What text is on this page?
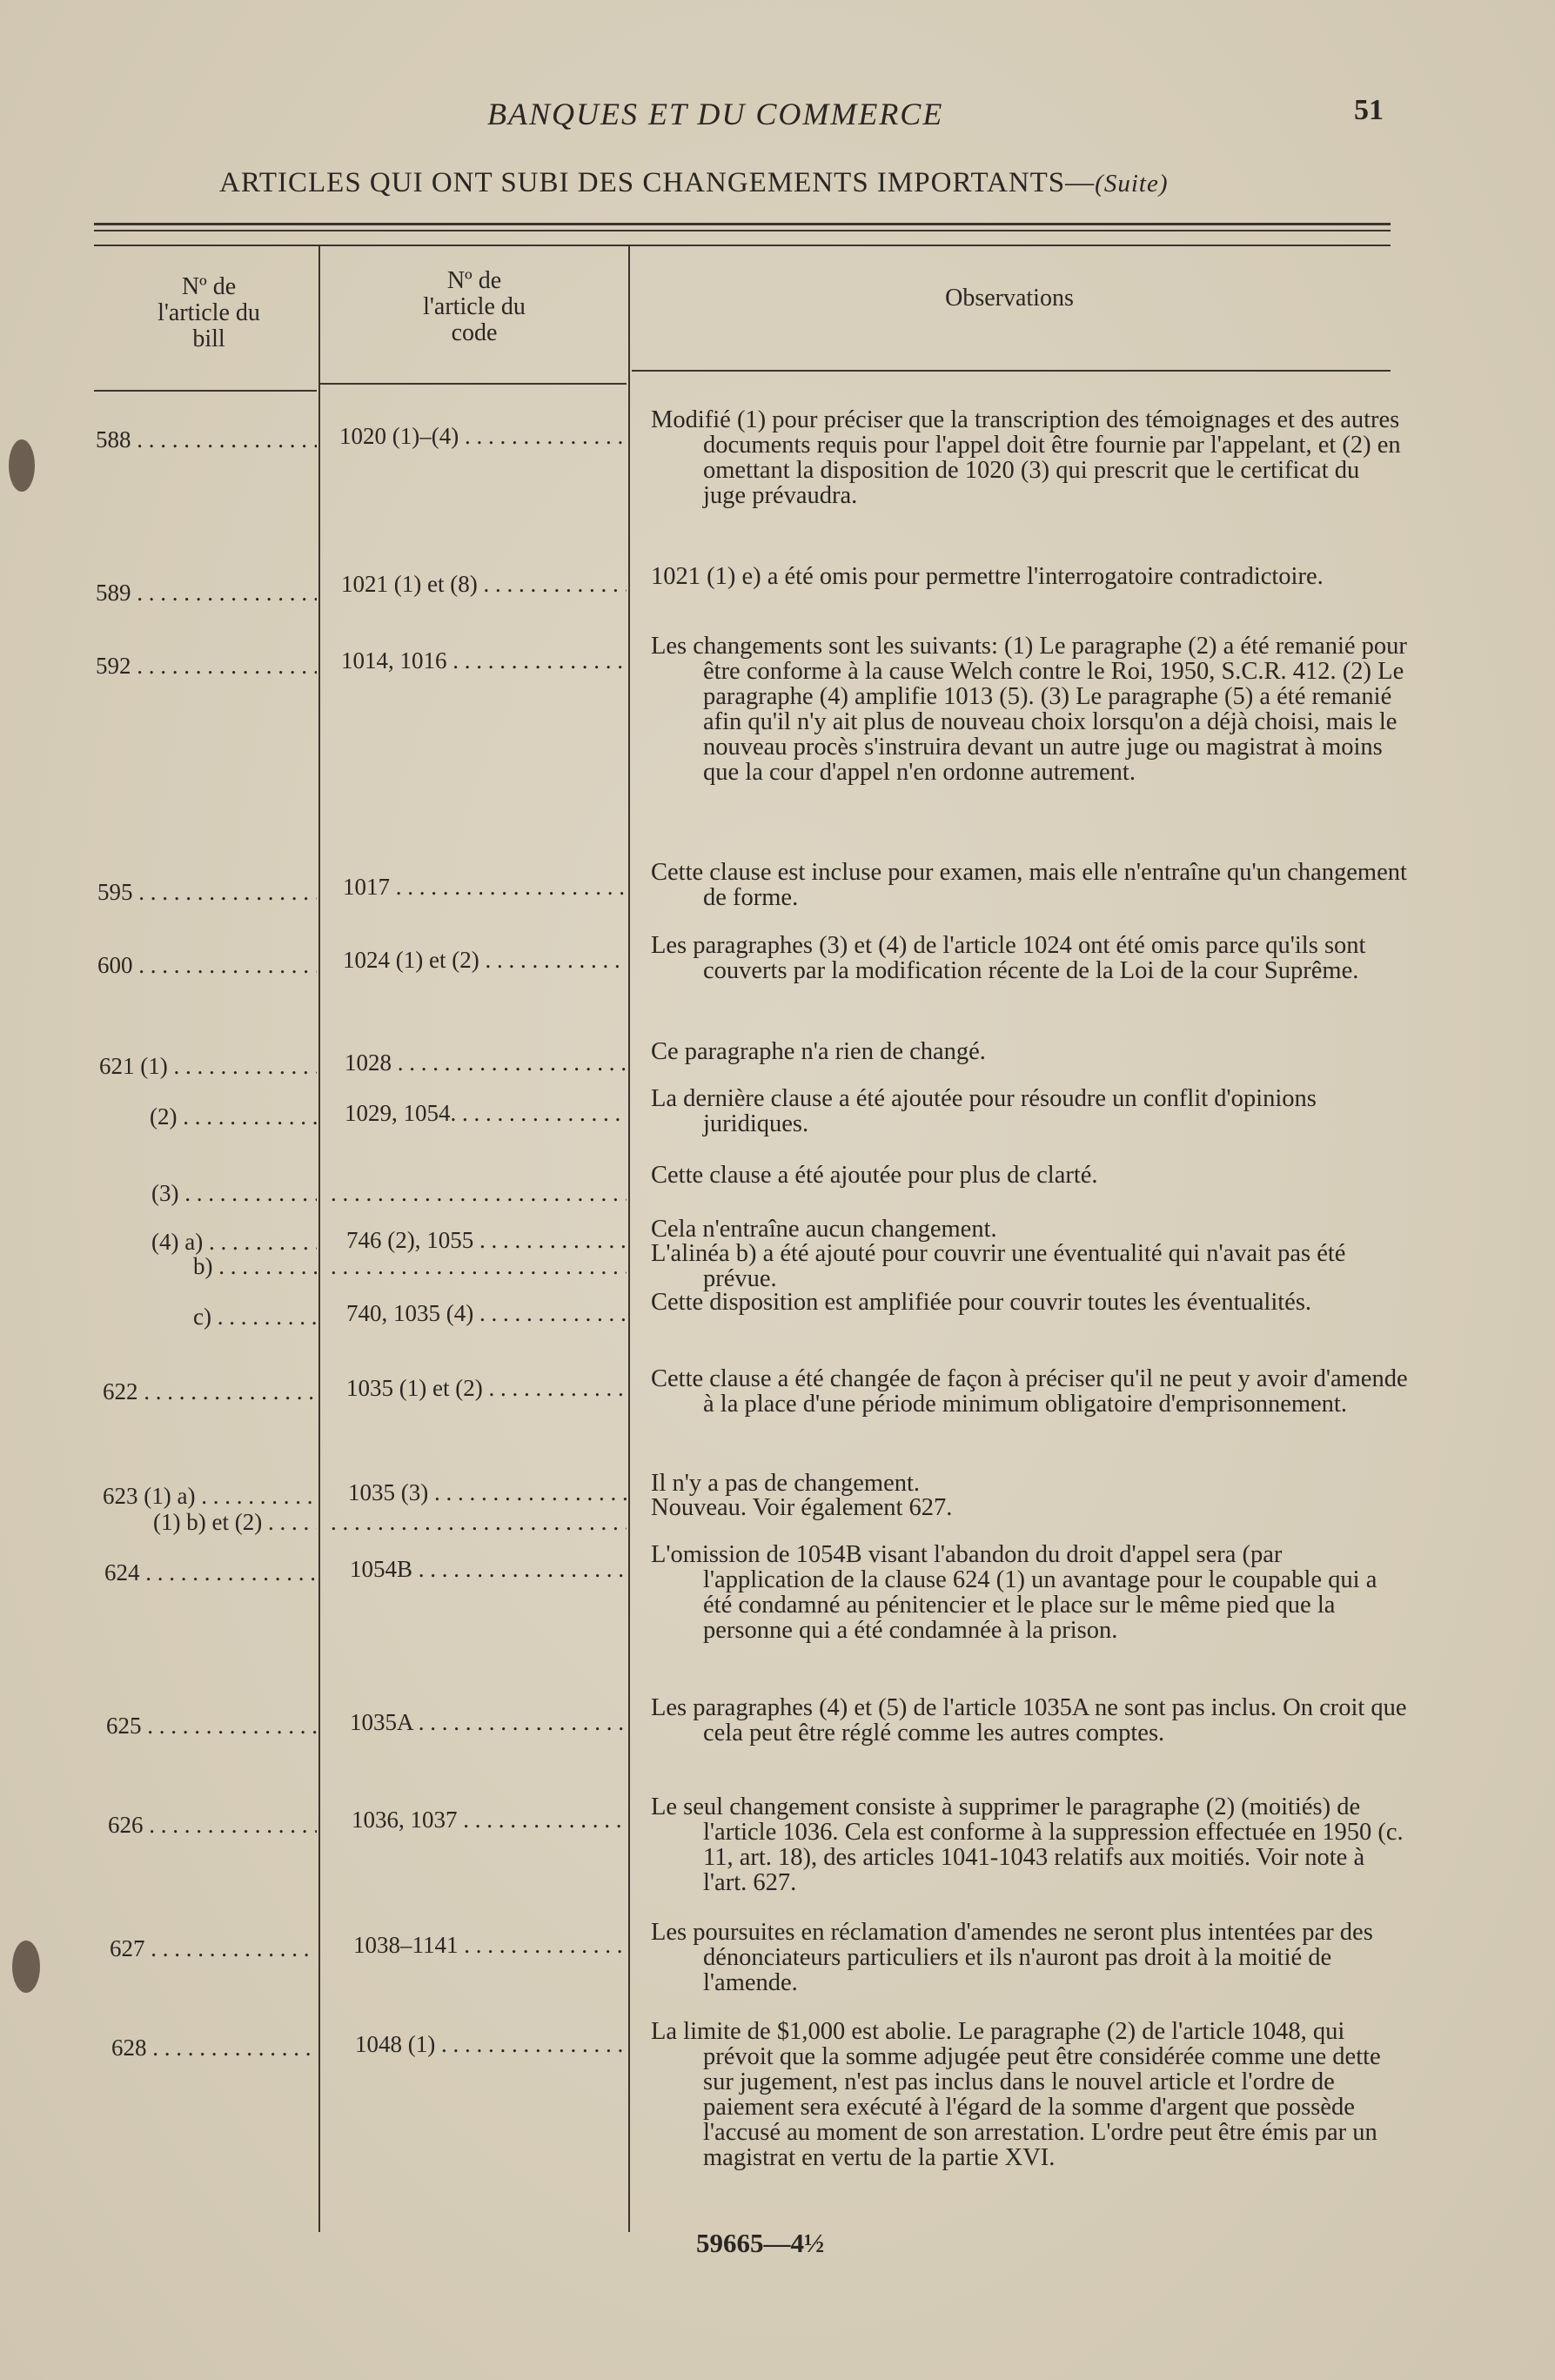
BANQUES ET DU COMMERCE	51
ARTICLES QUI ONT SUBI DES CHANGEMENTS IMPORTANTS—(Suite)
Nº de l'article du bill
Nº de l'article du code
Observations
588 . . .	1020 (1)–(4) . . .
Modifié (1) pour préciser que la transcription des témoignages et des autres documents requis pour l'appel doit être fournie par l'appelant, et (2) en omettant la disposition de 1020 (3) qui prescrit que le certificat du juge prévaudra.
589 . . .	1021 (1) et (8) . . .	1021 (1) e) a été omis pour permettre l'interrogatoire contradictoire.
592 . . .	1014, 1016 . . .
Les changements sont les suivants: (1) Le paragraphe (2) a été remanié pour être conforme à la cause Welch contre le Roi, 1950, S.C.R. 412. (2) Le paragraphe (4) amplifie 1013 (5). (3) Le paragraphe (5) a été remanié afin qu'il n'y ait plus de nouveau choix lorsqu'on a déjà choisi, mais le nouveau procès s'instruira devant un autre juge ou magistrat à moins que la cour d'appel n'en ordonne autrement.
595 . . .	1017 . . .
Cette clause est incluse pour examen, mais elle n'entraîne qu'un changement de forme.
600 . . .	1024 (1) et (2) . . .
Les paragraphes (3) et (4) de l'article 1024 ont été omis parce qu'ils sont couverts par la modification récente de la Loi de la cour Suprême.
621 (1) . . .	1028 . . .	Ce paragraphe n'a rien de changé.
(2) . . .	1029, 1054. . . .
La dernière clause a été ajoutée pour résoudre un conflit d'opinions juridiques.
(3) . . .
. . .
Cette clause a été ajoutée pour plus de clarté.
(4) a) . . .	746 (2), 1055 . . .	Cela n'entraîne aucun changement.
b) . . .
. . .	L'alinéa b) a été ajouté pour couvrir une éventualité qui n'avait pas été prévue.
c) . . .	740, 1035 (4) . . .	Cette disposition est amplifiée pour couvrir toutes les éventualités.
622 . . .	1035 (1) et (2) . . .	Cette clause a été changée de façon à préciser qu'il ne peut y avoir d'amende à la place d'une période minimum obligatoire d'emprisonnement.
623 (1) a) . . .	1035 (3) . . .	Il n'y a pas de changement.
(1) b) et (2) . . .
. . .
Nouveau. Voir également 627.
624 . . .	1054B . . .
L'omission de 1054B visant l'abandon du droit d'appel sera (par l'application de la clause 624 (1) un avantage pour le coupable qui a été condamné au pénitencier et le place sur le même pied que la personne qui a été condamnée à la prison.
625 . . .	1035A . . .
Les paragraphes (4) et (5) de l'article 1035A ne sont pas inclus. On croit que cela peut être réglé comme les autres comptes.
626 . . .	1036, 1037 . . .	Le seul changement consiste à supprimer le paragraphe (2) (moitiés) de l'article 1036. Cela est conforme à la suppression effectuée en 1950 (c. 11, art. 18), des articles 1041-1043 relatifs aux moitiés. Voir note à l'art. 627.
627 . . .	1038–1141 . . .	Les poursuites en réclamation d'amendes ne seront plus intentées par des dénonciateurs particuliers et ils n'auront pas droit à la moitié de l'amende.
628 . . .	1048 (1) . . .	La limite de $1,000 est abolie. Le paragraphe (2) de l'article 1048, qui prévoit que la somme adjugée peut être considérée comme une dette sur jugement, n'est pas inclus dans le nouvel article et l'ordre de paiement sera exécuté à l'égard de la somme d'argent que possède l'accusé au moment de son arrestation. L'ordre peut être émis par un magistrat en vertu de la partie XVI.
59665—4½
